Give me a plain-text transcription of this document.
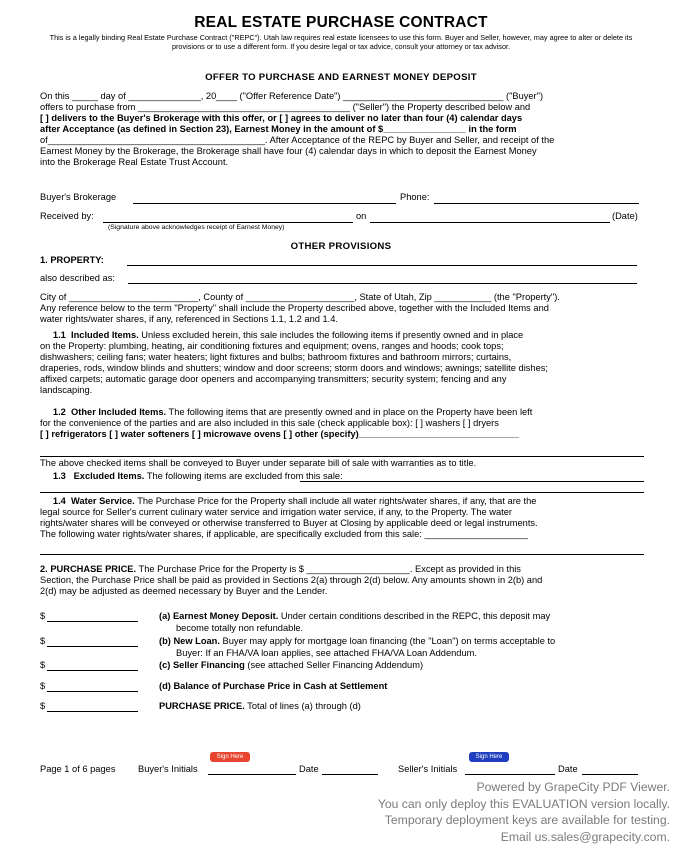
REAL ESTATE PURCHASE CONTRACT
This is a legally binding Real Estate Purchase Contract ("REPC"). Utah law requires real estate licensees to use this form. Buyer and Seller, however, may agree to alter or delete its provisions or to use a different form. If you desire legal or tax advice, consult your attorney or tax advisor.
OFFER TO PURCHASE AND EARNEST MONEY DEPOSIT
On this _____ day of ______________, 20____ ("Offer Reference Date") _______________________________ ("Buyer")
offers to purchase from _________________________________________ ("Seller") the Property described below and
[ ] delivers to the Buyer's Brokerage with this offer, or [ ] agrees to deliver no later than four (4) calendar days
after Acceptance (as defined in Section 23), Earnest Money in the amount of $________________ in the form
of__________________________________________. After Acceptance of the REPC by Buyer and Seller, and receipt of the
Earnest Money by the Brokerage, the Brokerage shall have four (4) calendar days in which to deposit the Earnest Money
into the Brokerage Real Estate Trust Account.
Buyer's Brokerage	Phone:
Received by:	on	(Date)
(Signature above acknowledges receipt of Earnest Money)
OTHER PROVISIONS
1. PROPERTY:
also described as:
City of _________________________, County of _____________________, State of Utah, Zip ___________ (the "Property").
Any reference below to the term "Property" shall include the Property described above, together with the Included Items and
water rights/water shares, if any, referenced in Sections 1.1, 1.2 and 1.4.
1.1 Included Items. Unless excluded herein, this sale includes the following items if presently owned and in place
on the Property: plumbing, heating, air conditioning fixtures and equipment; ovens, ranges and hoods; cook tops;
dishwashers; ceiling fans; water heaters; light fixtures and bulbs; bathroom fixtures and bathroom mirrors; curtains,
draperies, rods, window blinds and shutters; window and door screens; storm doors and windows; awnings; satellite dishes;
affixed carpets; automatic garage door openers and accompanying transmitters; security system; fencing and any
landscaping.
1.2 Other Included Items. The following items that are presently owned and in place on the Property have been left
for the convenience of the parties and are also included in this sale (check applicable box): [ ] washers [ ] dryers
[ ] refrigerators [ ] water softeners [ ] microwave ovens [ ] other (specify)_______________________________
The above checked items shall be conveyed to Buyer under separate bill of sale with warranties as to title.
1.3 Excluded Items. The following items are excluded from this sale:
1.4 Water Service. The Purchase Price for the Property shall include all water rights/water shares, if any, that are the
legal source for Seller's current culinary water service and irrigation water service, if any, to the Property. The water
rights/water shares will be conveyed or otherwise transferred to Buyer at Closing by applicable deed or legal instruments.
The following water rights/water shares, if applicable, are specifically excluded from this sale: ____________________
2. PURCHASE PRICE. The Purchase Price for the Property is $ ____________________. Except as provided in this
Section, the Purchase Price shall be paid as provided in Sections 2(a) through 2(d) below. Any amounts shown in 2(b) and
2(d) may be adjusted as deemed necessary by Buyer and the Lender.
$	(a) Earnest Money Deposit. Under certain conditions described in the REPC, this deposit may
become totally non refundable.
$	(b) New Loan. Buyer may apply for mortgage loan financing (the "Loan") on terms acceptable to
Buyer: If an FHA/VA loan applies, see attached FHA/VA Loan Addendum.
$	(c) Seller Financing (see attached Seller Financing Addendum)
$	(d) Balance of Purchase Price in Cash at Settlement
$	PURCHASE PRICE. Total of lines (a) through (d)
Page 1 of 6 pages Buyer's Initials
Sign Here
Date	Seller's Initials
Sign Here
Date
Powered by GrapeCity PDF Viewer.
You can only deploy this EVALUATION version locally.
Temporary deployment keys are available for testing.
Email us.sales@grapecity.com.
